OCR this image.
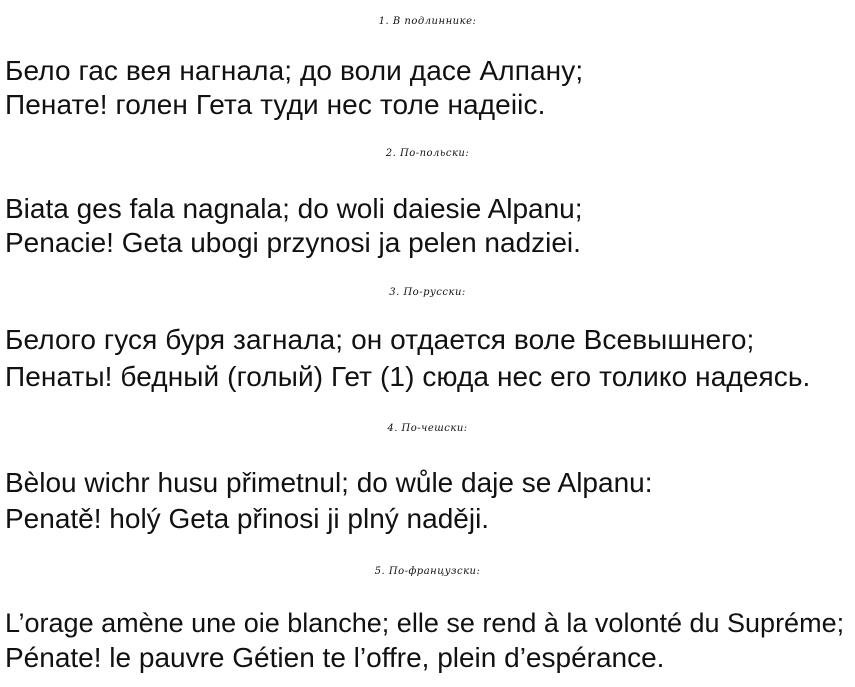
1. В подлиннике:
Бело гас вея нагнала; до воли дасе Алпану;
Пенате! голен Гета туди нес толе надеііс.
2. По-польски:
Biata ges fala nagnala; do woli daiesie Alpanu;
Penacie! Geta ubogi przynosi ja pelen nadziei.
3. По-русски:
Белого гуся буря загнала; он отдается воле Всевышнего;
Пенаты! бедный (голый) Гет (1) сюда нес его толико надеясь.
4. По-чешски:
Bèlou wichr husu přimetnul; do wůle daje se Alpanu:
Penatě! holý Geta přinosi ji plný naději.
5. По-французски:
L’orage amène une oie blanche; elle se rend à la volonté du Supréme;
Pénate! le pauvre Gétien te l’offre, plein d’espérance.
